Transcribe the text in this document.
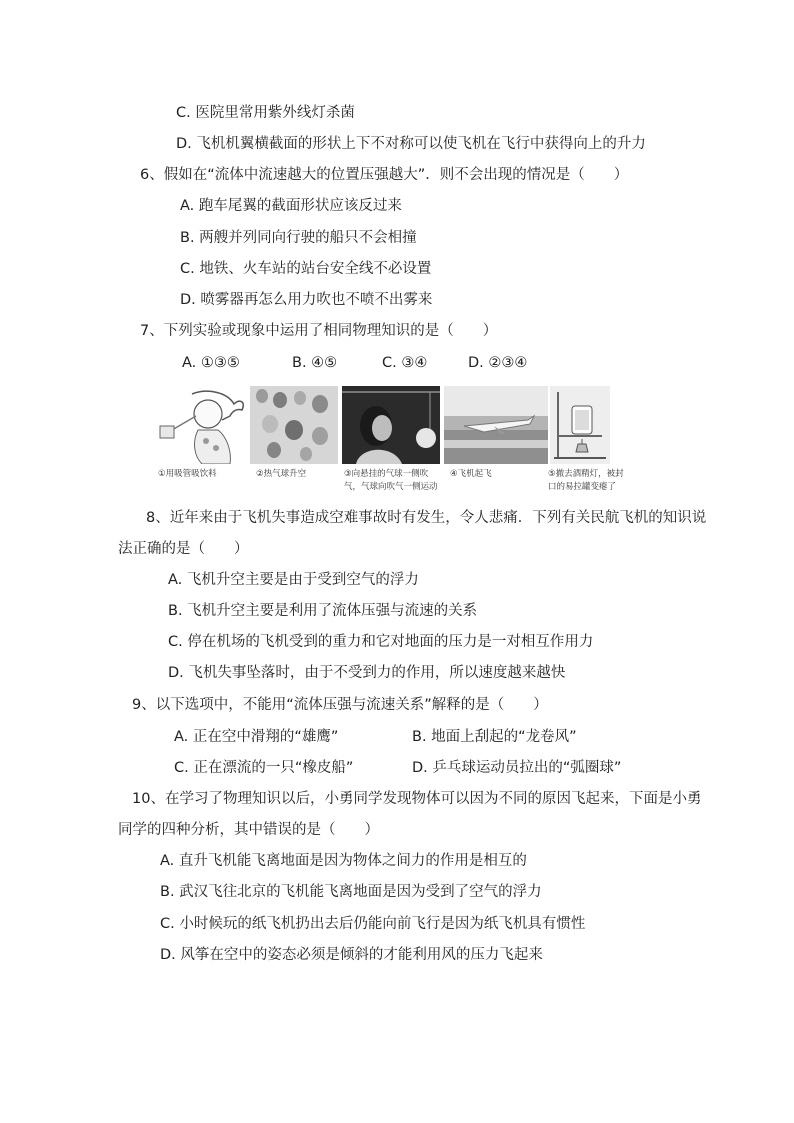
C. 医院里常用紫外线灯杀菌
D. 飞机机翼横截面的形状上下不对称可以使飞机在飞行中获得向上的升力
6、假如在“流体中流速越大的位置压强越大”．则不会出现的情况是（　　）
A. 跑车尾翼的截面形状应该反过来
B. 两艘并列同向行驶的船只不会相撞
C. 地铁、火车站的站台安全线不必设置
D. 喷雾器再怎么用力吹也不喷不出雾来
7、下列实验或现象中运用了相同物理知识的是（　　）
A. ①③⑤	B. ④⑤	C. ③④	D. ②③④
①用吸管吸饮料	②热气球升空	③向悬挂的气球一侧吹
气，气球向吹气一侧运动
④飞机起飞	⑤撤去酒精灯，被封
口的易拉罐变瘪了
8、近年来由于飞机失事造成空难事故时有发生，令人悲痛．下列有关民航飞机的知识说
法正确的是（　　）
A. 飞机升空主要是由于受到空气的浮力
B. 飞机升空主要是利用了流体压强与流速的关系
C. 停在机场的飞机受到的重力和它对地面的压力是一对相互作用力
D. 飞机失事坠落时，由于不受到力的作用，所以速度越来越快
9、以下选项中，不能用“流体压强与流速关系”解释的是（　　）
A. 正在空中滑翔的“雄鹰”	B. 地面上刮起的“龙卷风”
C. 正在漂流的一只“橡皮船”	D. 乒乓球运动员拉出的“弧圈球”
10、在学习了物理知识以后，小勇同学发现物体可以因为不同的原因飞起来，下面是小勇
同学的四种分析，其中错误的是（　　）
A. 直升飞机能飞离地面是因为物体之间力的作用是相互的
B. 武汉飞往北京的飞机能飞离地面是因为受到了空气的浮力
C. 小时候玩的纸飞机扔出去后仍能向前飞行是因为纸飞机具有惯性
D. 风筝在空中的姿态必须是倾斜的才能利用风的压力飞起来
